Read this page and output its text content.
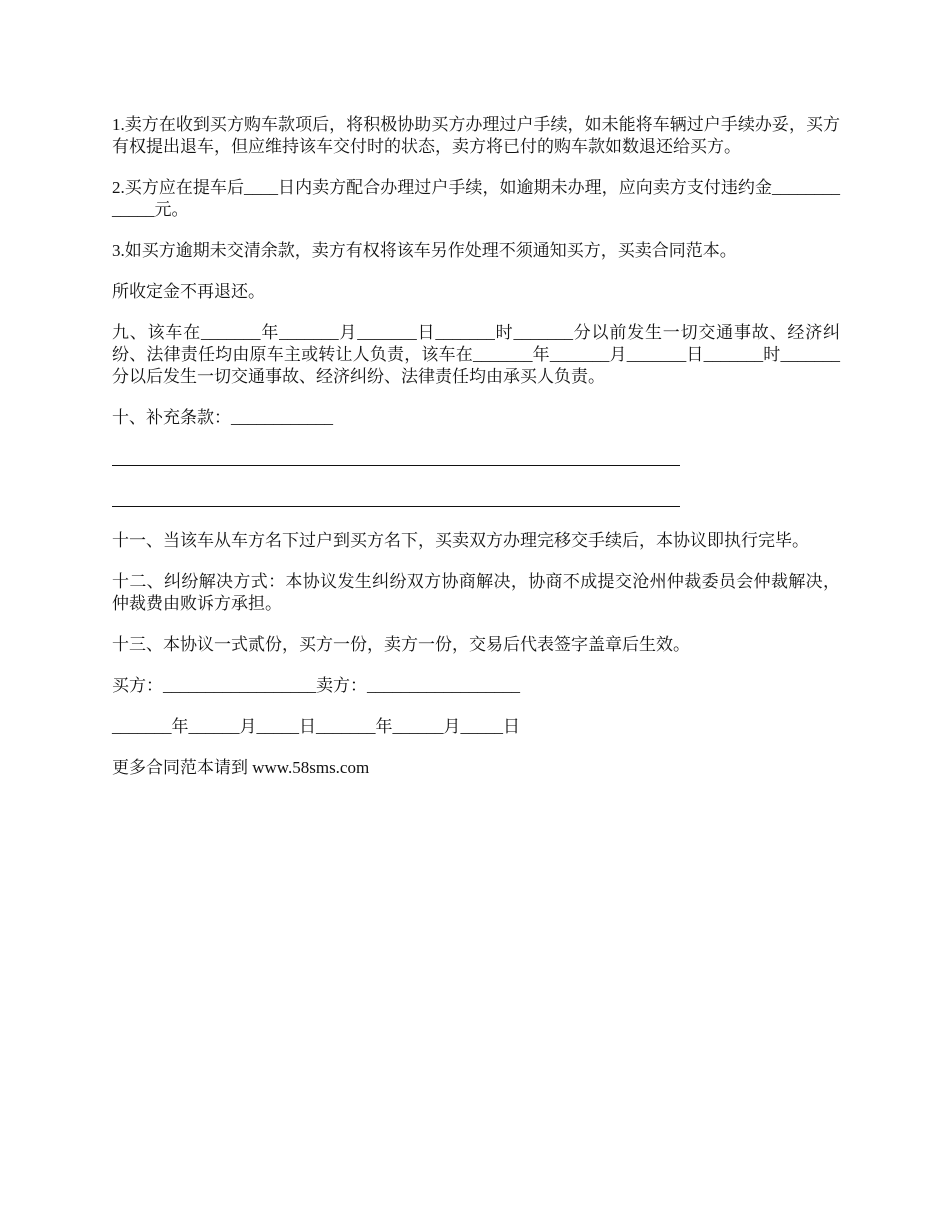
1.卖方在收到买方购车款项后，将积极协助买方办理过户手续，如未能将车辆过户手续办妥，买方有权提出退车，但应维持该车交付时的状态，卖方将已付的购车款如数退还给买方。

2.买方应在提车后____日内卖方配合办理过户手续，如逾期未办理，应向卖方支付违约金_____________元。

3.如买方逾期未交清余款，卖方有权将该车另作处理不须通知买方，买卖合同范本。

所收定金不再退还。

九、该车在_______年_______月_______日_______时_______分以前发生一切交通事故、经济纠纷、法律责任均由原车主或转让人负责，该车在_______年_______月_______日_______时_______分以后发生一切交通事故、经济纠纷、法律责任均由承买人负责。

十、补充条款：____________

十一、当该车从车方名下过户到买方名下，买卖双方办理完移交手续后，本协议即执行完毕。

十二、纠纷解决方式：本协议发生纠纷双方协商解决，协商不成提交沧州仲裁委员会仲裁解决，仲裁费由败诉方承担。

十三、本协议一式贰份，买方一份，卖方一份，交易后代表签字盖章后生效。

买方：__________________卖方：__________________

_______年______月_____日_______年______月_____日

更多合同范本请到 www.58sms.com
